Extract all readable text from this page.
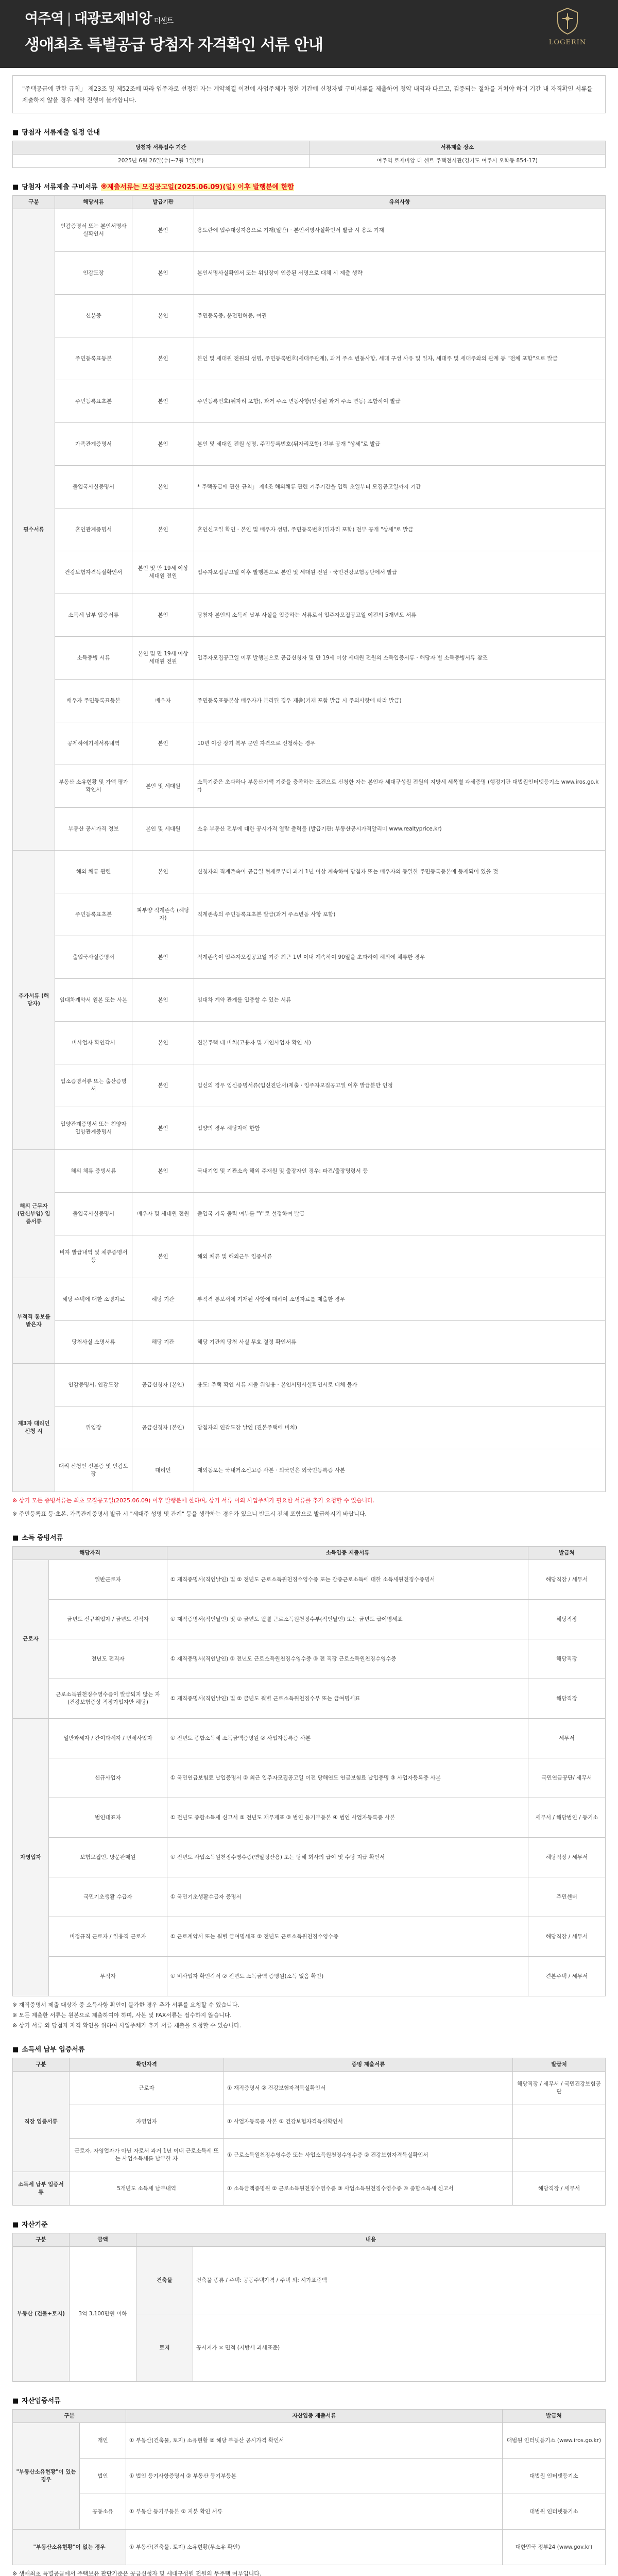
여주역 | 대광로제비앙 더센트
생애최초 특별공급 당첨자 자격확인 서류 안내	LOGERIN
"주택공급에 관한 규칙」 제23조 및 제52조에 따라 입주자로 선정된 자는 계약체결 이전에 사업주체가 정한 기간에 신청자별 구비서류를 제출하여 청약 내역과 다르고, 검증되는 절차를 거쳐야 하며 기간 내 자격확인 서류를 제출하지 않을 경우 계약 진행이 불가합니다.
■ 당첨자 서류제출 일정 안내
당첨자 서류접수 기간	서류제출 장소
2025년 6월 26일(수)~7월 1일(토)	여주역 로제비앙 더 센트 주택전시관(경기도 여주시 오학동 854-17)
■ 당첨자 서류제출 구비서류 ※제출서류는 모집공고일(2025.06.09)(일) 이후 발행분에 한함
구분	해당서류	발급기관	유의사항
필수서류	인감증명서 또는 본인서명사실확인서	본인	용도란에 입주대상자용으로 기재(일반) · 본인서명사실확인서 발급 시 용도 기재
	인감도장	본인	본인서명사실확인서 또는 위임장이 인증된 서명으로 대체 시 제출 생략
	신분증	본인	주민등록증, 운전면허증, 여권
	주민등록표등본	본인	본인 및 세대원 전원의 성명, 주민등록번호(세대주관계), 과거 주소 변동사항, 세대 구성 사유 및 일자, 세대주 및 세대주와의 관계 등 "전체 포함"으로 발급
	주민등록표초본	본인	주민등록번호(뒤자리 포함), 과거 주소 변동사항(인정된 과거 주소 변동) 포함하여 발급
	가족관계증명서	본인	본인 및 세대원 전원 성명, 주민등록번호(뒤자리포함) 전부 공개 "상세"로 발급
	출입국사실증명서	본인	* 주택공급에 관한 규칙」 제4조 해외체류 관련 거주기간을 입력 초일부터 모집공고일까지 기간
	혼인관계증명서	본인	혼인신고일 확인 · 본인 및 배우자 성명, 주민등록번호(뒤자리 포함) 전부 공개 "상세"로 발급
	건강보험자격득실확인서	본인 및 만 19세 이상 세대원 전원	입주자모집공고일 이후 발행분으로 본인 및 세대원 전원 · 국민건강보험공단에서 발급
	소득세 납부 입증서류	본인	당첨자 본인의 소득세 납부 사실을 입증하는 서류로서 입주자모집공고일 이전의 5개년도 서류
	소득증빙 서류	본인 및 만 19세 이상 세대원 전원	입주자모집공고일 이후 발행분으로 공급신청자 및 만 19세 이상 세대원 전원의 소득입증서류 · 해당자 별 소득증빙서류 참조
	배우자 주민등록표등본	배우자	주민등록표등본상 배우자가 분리된 경우 제출(기재 포함 발급 시 주의사항에 따라 발급)
	공제하에기세서류내역	본인	10년 이상 장기 복무 군인 자격으로 신청하는 경우
	부동산 소유현황 및 가액 평가 확인서	본인 및 세대원	소득기준은 초과하나 부동산가액 기준을 충족하는 조건으로 신청한 자는 본인과 세대구성원 전원의 지방세 세목별 과세증명 (행정기관 대법원인터넷등기소 www.iros.go.kr)
	부동산 공시가격 정보	본인 및 세대원	소유 부동산 전부에 대한 공시가격 열람 출력물 (발급기관: 부동산공시가격알리미 www.realtyprice.kr)
추가서류 (해당자)	해외 체류 관련	본인	신청자의 직계존속이 공급일 현재로부터 과거 1년 이상 계속하여 당첨자 또는 배우자의 동일한 주민등록등본에 등재되어 있을 것
	주민등록표초본	피부양 직계존속 (해당자)	직계존속의 주민등록표초본 발급(과거 주소변동 사항 포함)
	출입국사실증명서	본인	직계존속이 입주자모집공고일 기준 최근 1년 이내 계속하여 90일을 초과하여 해외에 체류한 경우
	임대차계약서 원본 또는 사본	본인	임대차 계약 관계를 입증할 수 있는 서류
	비사업자 확인각서	본인	견본주택 내 비치(고용자 및 개인사업자 확인 시)
	입소증명서류 또는 출산증명서	본인	임신의 경우 임신증명서류(임신진단서)제출 · 입주자모집공고일 이후 발급분만 인정
	입양관계증명서 또는 친양자입양관계증명서	본인	입양의 경우 해당자에 한함
해외 근무자 (단신부임) 입증서류	해외 체류 증빙서류	본인	국내기업 및 기관소속 해외 주재원 및 출장자인 경우: 파견/출장명령서 등
	출입국사실증명서	배우자 및 세대원 전원	출입국 기록 출력 여부를 "Y"로 설정하여 발급
	비자 발급내역 및 체류증명서 등	본인	해외 체류 및 해외근무 입증서류
부적격 통보를 받은자	해당 주택에 대한 소명자료	해당 기관	부적격 통보서에 기재된 사항에 대하여 소명자료를 제출한 경우
	당첨사실 소명서류	해당 기관	해당 기관의 당첨 사실 무효 결정 확인서류
제3자 대리인신청 시	인감증명서, 인감도장	공급신청자 (본인)	용도: 주택 확인 서류 제출 위임용 · 본인서명사실확인서로 대체 불가
	위임장	공급신청자 (본인)	당첨자의 인감도장 날인 (견본주택에 비치)
	대리 신청인 신분증 및 인감도장	대리인	재외동포는 국내거소신고증 사본 · 외국인은 외국인등록증 사본
※ 상기 모든 증빙서류는 최초 모집공고일(2025.06.09) 이후 발행분에 한하며, 상기 서류 이외 사업주체가 필요한 서류를 추가 요청할 수 있습니다.
※ 주민등록표 등·초본, 가족관계증명서 발급 시 "세대주 성명 및 관계" 등을 생략하는 경우가 있으니 반드시 전체 포함으로 발급하시기 바랍니다.
■ 소득 증빙서류
해당자격		소득입증 제출서류	발급처
근로자	일반근로자	① 재직증명서(직인날인) 및 ② 전년도 근로소득원천징수영수증 또는 갑종근로소득에 대한 소득세원천징수증명서	해당직장 / 세무서
	금년도 신규취업자 / 금년도 전직자	① 재직증명서(직인날인) 및 ② 금년도 월별 근로소득원천징수부(직인날인) 또는 금년도 급여명세표	해당직장
	전년도 전직자	① 재직증명서(직인날인) ② 전년도 근로소득원천징수영수증 ③ 전 직장 근로소득원천징수영수증	해당직장
	근로소득원천징수영수증이 발급되지 않는 자 (건강보험증상 직장가입자만 해당)	① 재직증명서(직인날인) 및 ② 금년도 월별 근로소득원천징수부 또는 급여명세표	해당직장
자영업자	일반과세자 / 간이과세자 / 면세사업자	① 전년도 종합소득세 소득금액증명원 ② 사업자등록증 사본	세무서
	신규사업자	① 국민연금보험료 납입증명서 ② 최근 입주자모집공고일 이전 당해연도 연금보험료 납입증명 ③ 사업자등록증 사본	국민연금공단/ 세무서
	법인대표자	① 전년도 종합소득세 신고서 ② 전년도 재무제표 ③ 법인 등기부등본 ④ 법인 사업자등록증 사본	세무서 / 해당법인 / 등기소
	보험모집인, 방문판매원	① 전년도 사업소득원천징수영수증(연말정산용) 또는 당해 회사의 급여 및 수당 지급 확인서	해당직장 / 세무서
	국민기초생활 수급자	① 국민기초생활수급자 증명서	주민센터
	비정규직 근로자 / 일용직 근로자	① 근로계약서 또는 월별 급여명세표 ② 전년도 근로소득원천징수영수증	해당직장 / 세무서
	무직자	① 비사업자 확인각서 ② 전년도 소득금액 증명원(소득 없음 확인)	견본주택 / 세무서
※ 재직증명서 제출 대상자 중 소득사항 확인이 불가한 경우 추가 서류를 요청할 수 있습니다.
※ 모든 제출한 서류는 원본으로 제출하여야 하며, 사본 및 FAX서류는 접수하지 않습니다.
※ 상기 서류 외 당첨자 자격 확인을 위하여 사업주체가 추가 서류 제출을 요청할 수 있습니다.
■ 소득세 납부 입증서류
구분	확인자격	증빙 제출서류	발급처
직장 입증서류	근로자	① 재직증명서 ② 건강보험자격득실확인서	해당직장 / 세무서 / 국민건강보험공단
	자영업자	① 사업자등록증 사본 ② 건강보험자격득실확인서	
	근로자, 자영업자가 아닌 자로서 과거 1년 이내 근로소득세 또는 사업소득세를 납부한 자	① 근로소득원천징수영수증 또는 사업소득원천징수영수증 ② 건강보험자격득실확인서	
소득세 납부 입증서류	5개년도 소득세 납부내역	① 소득금액증명원 ② 근로소득원천징수영수증 ③ 사업소득원천징수영수증 ④ 종합소득세 신고서	해당직장 / 세무서
■ 자산기준
구분	금액	내용	
부동산 (건물+토지)	3억 3,100만원 이하	건축물	건축물 종류 / 주택: 공동주택가격 / 주택 외: 시가표준액
		토지	공시지가 × 면적 (지방세 과세표준)
■ 자산입증서류
구분		자산입증 제출서류	발급처
"부동산소유현황"이 있는 경우	개인	① 부동산(건축물, 토지) 소유현황 ② 해당 부동산 공시가격 확인서	대법원 인터넷등기소 (www.iros.go.kr)
	법인	① 법인 등기사항증명서 ② 부동산 등기부등본	대법원 인터넷등기소
	공동소유	① 부동산 등기부등본 ② 지분 확인 서류	대법원 인터넷등기소
"부동산소유현황"이 없는 경우		① 부동산(건축물, 토지) 소유현황(무소유 확인)	대한민국 정부24 (www.gov.kr)
※ 생애최초 특별공급에서 주택보유 판단기준은 공급신청자 및 세대구성원 전원의 무주택 여부입니다.
